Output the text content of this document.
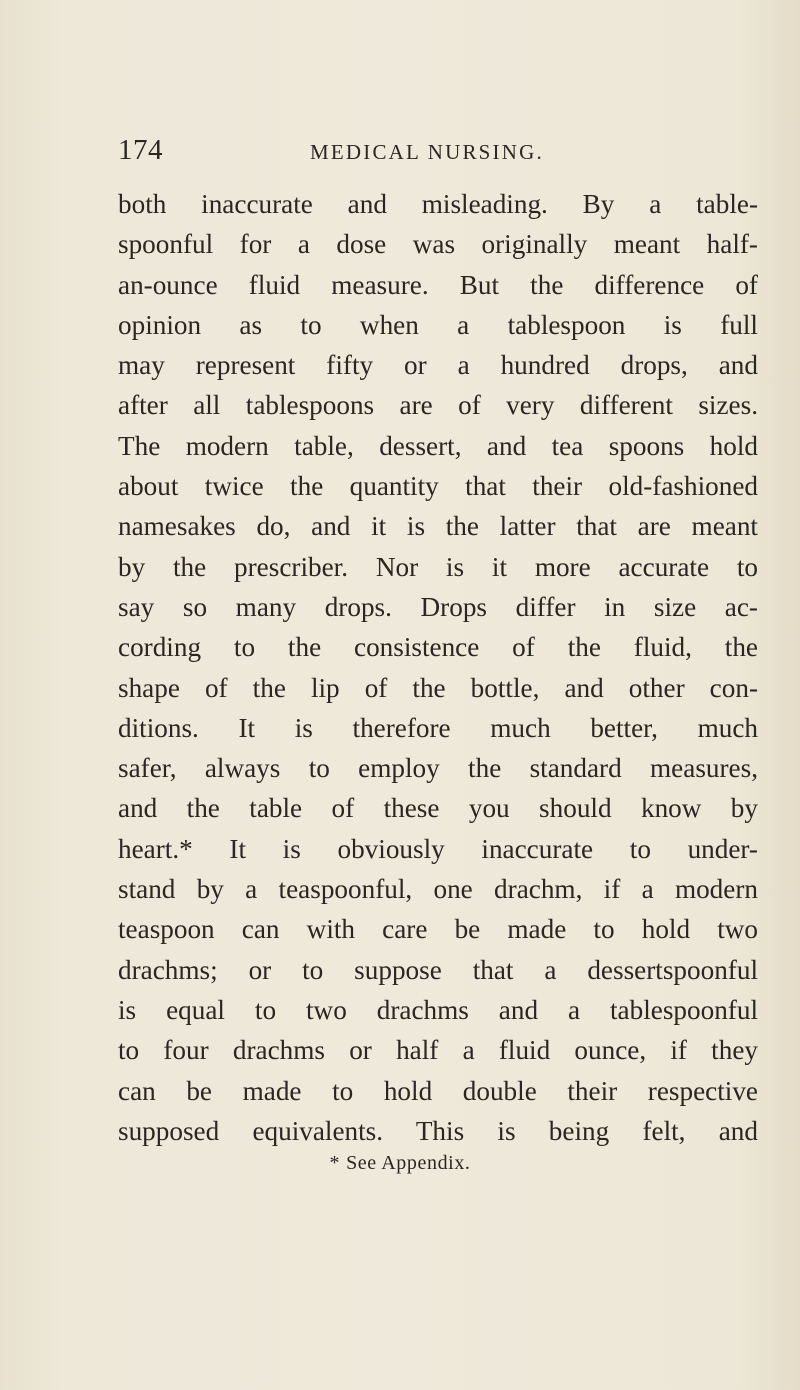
174	MEDICAL NURSING.
both inaccurate and misleading. By a table-
spoonful for a dose was originally meant half-
an-ounce fluid measure. But the difference of
opinion as to when a tablespoon is full
may represent fifty or a hundred drops, and
after all tablespoons are of very different sizes.
The modern table, dessert, and tea spoons hold
about twice the quantity that their old-fashioned
namesakes do, and it is the latter that are meant
by the prescriber. Nor is it more accurate to
say so many drops. Drops differ in size ac-
cording to the consistence of the fluid, the
shape of the lip of the bottle, and other con-
ditions. It is therefore much better, much
safer, always to employ the standard measures,
and the table of these you should know by
heart.* It is obviously inaccurate to under-
stand by a teaspoonful, one drachm, if a modern
teaspoon can with care be made to hold two
drachms; or to suppose that a dessertspoonful
is equal to two drachms and a tablespoonful
to four drachms or half a fluid ounce, if they
can be made to hold double their respective
supposed equivalents. This is being felt, and
* See Appendix.
